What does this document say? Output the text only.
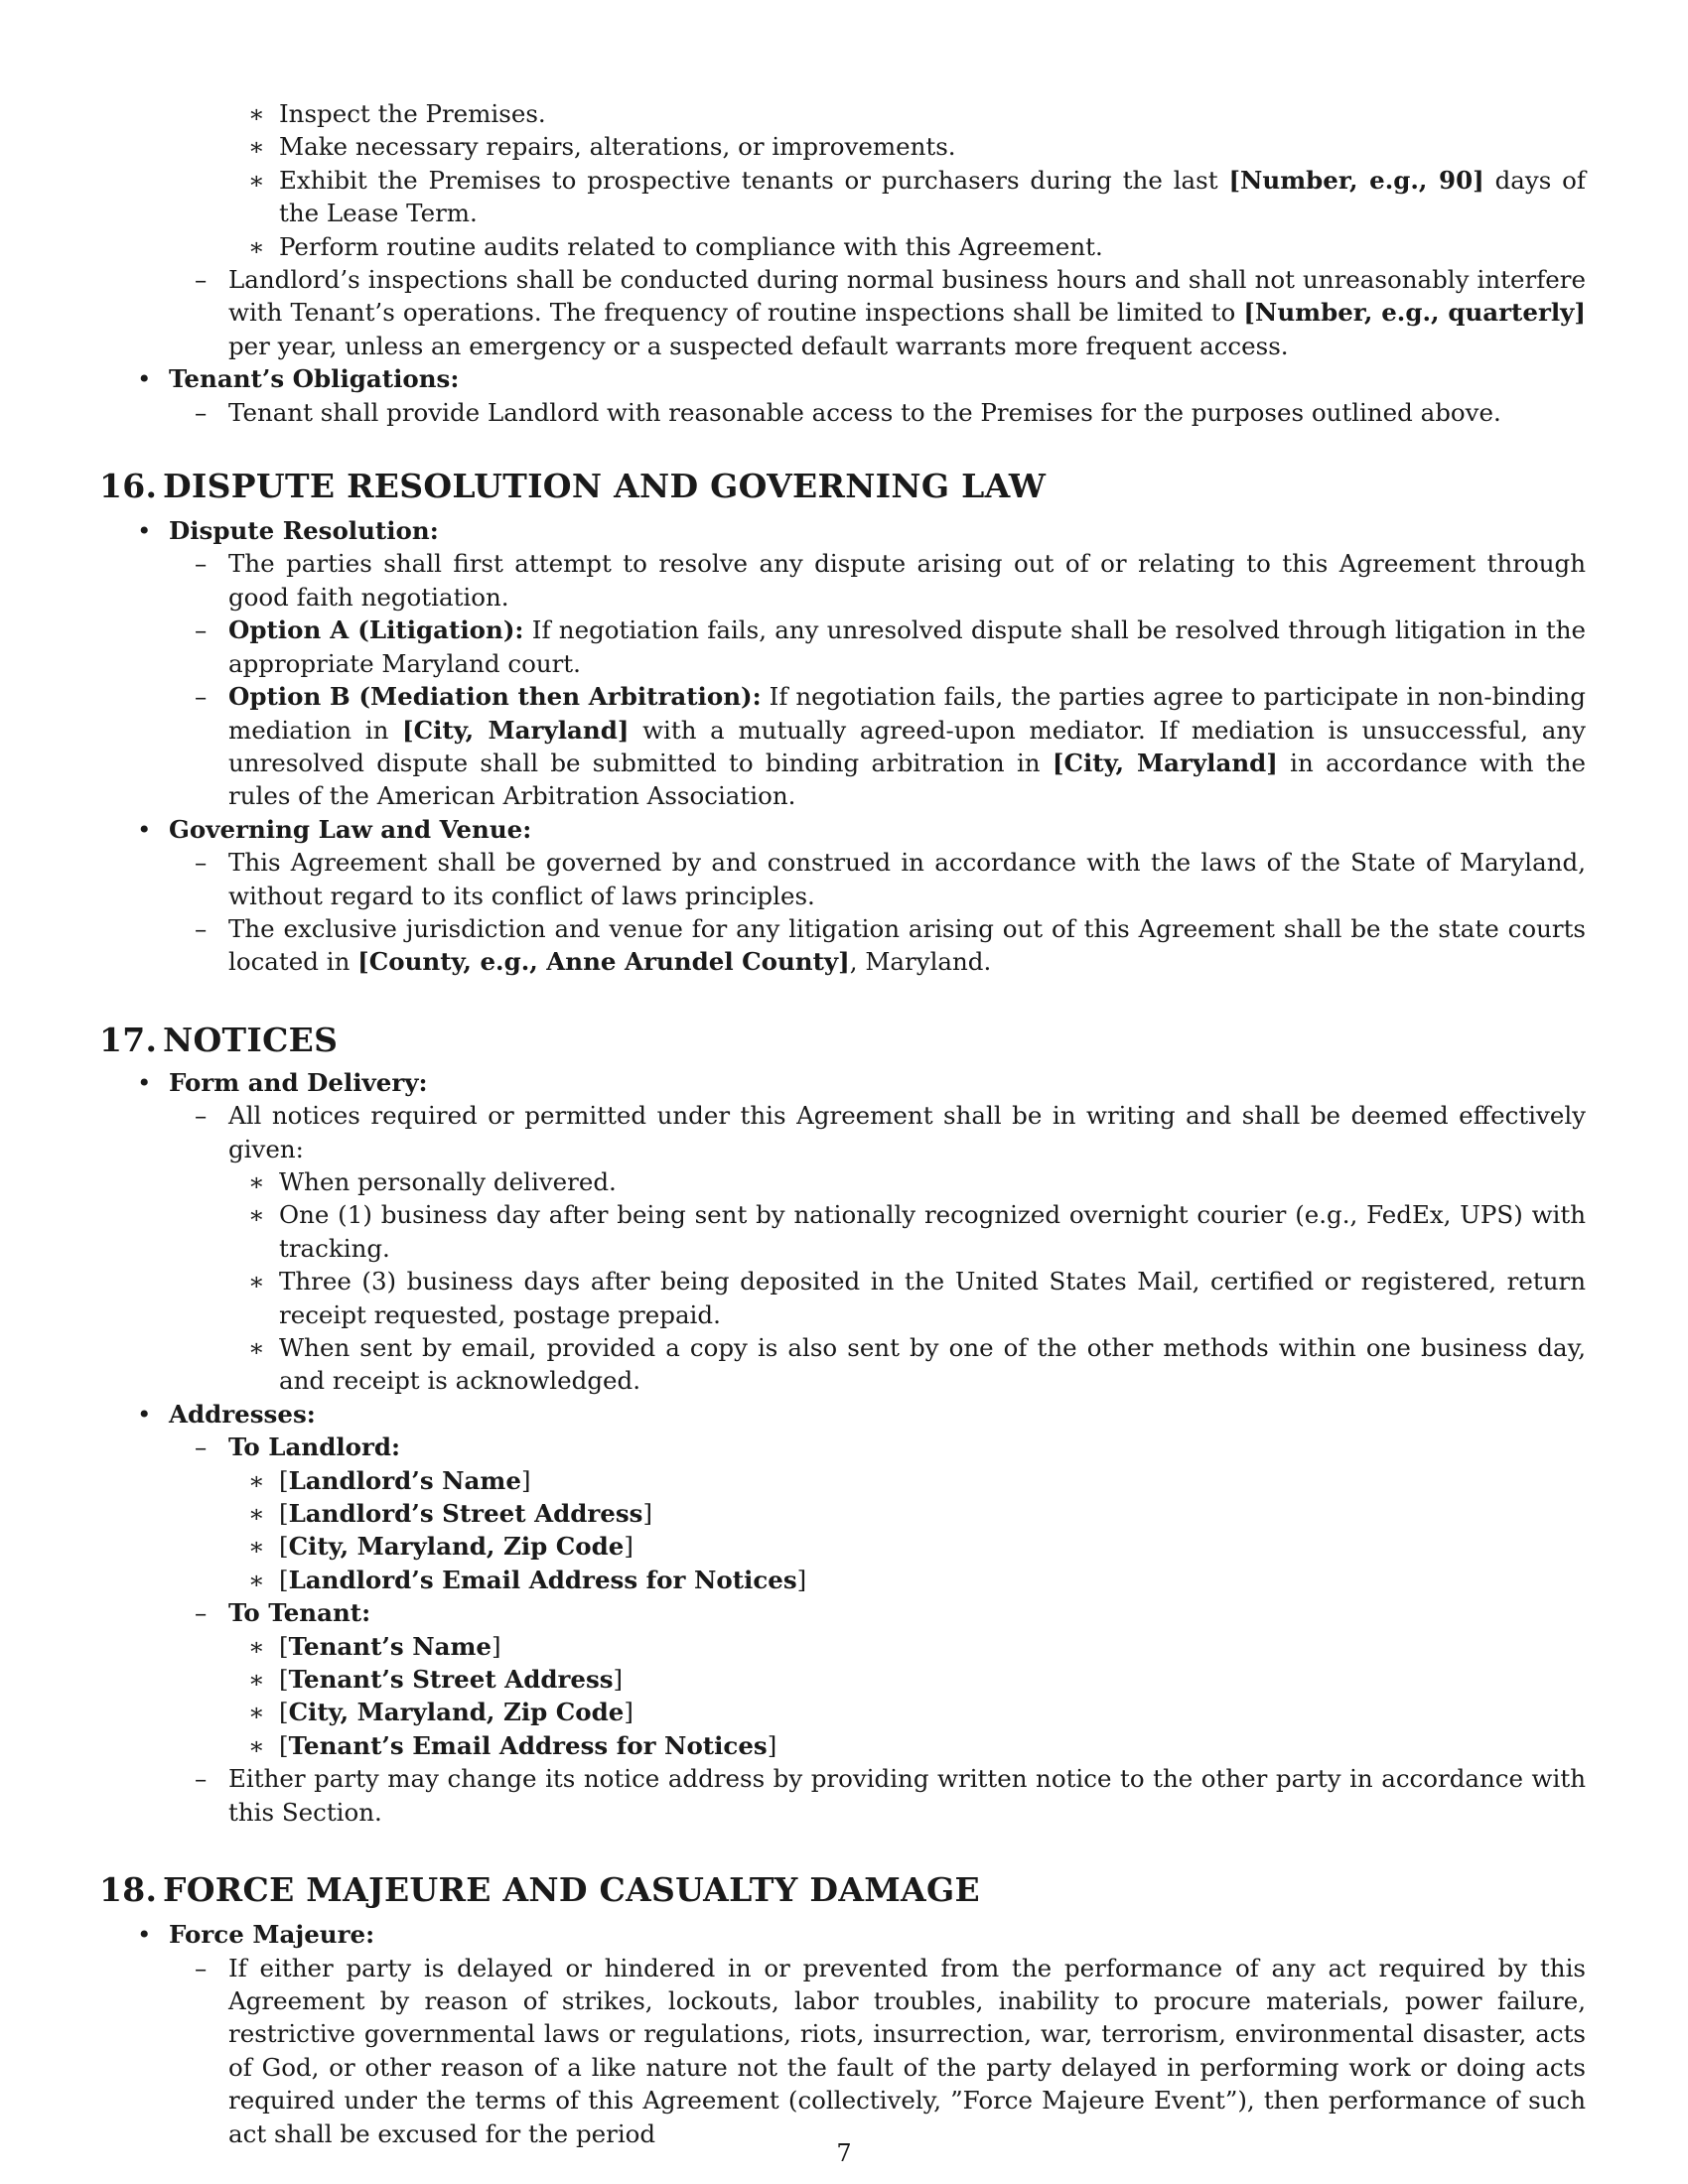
∗ Inspect the Premises.

∗ Make necessary repairs, alterations, or improvements.

∗ Exhibit the Premises to prospective tenants or purchasers during the last [Number, e.g., 90] days of the Lease Term.

∗ Perform routine audits related to compliance with this Agreement.

– Landlord’s inspections shall be conducted during normal business hours and shall not unreasonably interfere with Tenant’s operations. The frequency of routine inspections shall be limited to [Number, e.g., quarterly] per year, unless an emergency or a suspected default warrants more frequent access.

• Tenant’s Obligations:

– Tenant shall provide Landlord with reasonable access to the Premises for the purposes outlined above.

16. DISPUTE RESOLUTION AND GOVERNING LAW

• Dispute Resolution:

– The parties shall first attempt to resolve any dispute arising out of or relating to this Agreement through good faith negotiation.

– Option A (Litigation): If negotiation fails, any unresolved dispute shall be resolved through litigation in the appropriate Maryland court.

– Option B (Mediation then Arbitration): If negotiation fails, the parties agree to participate in non-binding mediation in [City, Maryland] with a mutually agreed-upon mediator. If mediation is unsuccessful, any unresolved dispute shall be submitted to binding arbitration in [City, Maryland] in accordance with the rules of the American Arbitration Association.

• Governing Law and Venue:

– This Agreement shall be governed by and construed in accordance with the laws of the State of Maryland, without regard to its conflict of laws principles.

– The exclusive jurisdiction and venue for any litigation arising out of this Agreement shall be the state courts located in [County, e.g., Anne Arundel County], Maryland.

17. NOTICES

• Form and Delivery:

– All notices required or permitted under this Agreement shall be in writing and shall be deemed effectively given:

∗ When personally delivered.

∗ One (1) business day after being sent by nationally recognized overnight courier (e.g., FedEx, UPS) with tracking.

∗ Three (3) business days after being deposited in the United States Mail, certified or registered, return receipt requested, postage prepaid.

∗ When sent by email, provided a copy is also sent by one of the other methods within one business day, and receipt is acknowledged.

• Addresses:

– To Landlord:

∗ [Landlord’s Name]

∗ [Landlord’s Street Address]

∗ [City, Maryland, Zip Code]

∗ [Landlord’s Email Address for Notices]

– To Tenant:

∗ [Tenant’s Name]

∗ [Tenant’s Street Address]

∗ [City, Maryland, Zip Code]

∗ [Tenant’s Email Address for Notices]

– Either party may change its notice address by providing written notice to the other party in accordance with this Section.

18. FORCE MAJEURE AND CASUALTY DAMAGE

• Force Majeure:

– If either party is delayed or hindered in or prevented from the performance of any act required by this Agreement by reason of strikes, lockouts, labor troubles, inability to procure materials, power failure, restrictive governmental laws or regulations, riots, insurrection, war, terrorism, environmental disaster, acts of God, or other reason of a like nature not the fault of the party delayed in performing work or doing acts required under the terms of this Agreement (collectively, ”Force Majeure Event”), then performance of such act shall be excused for the period

7
